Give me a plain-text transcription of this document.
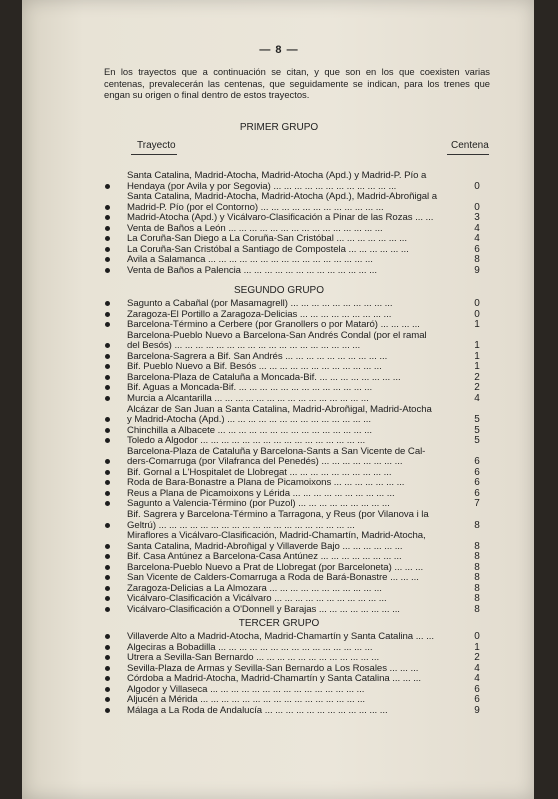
— 8 —
En los trayectos que a continuación se citan, y que son en los que coexisten varias centenas, prevalecerán las centenas, que seguidamente se indican, para los trenes que engan su origen o final dentro de estos trayectos.
PRIMER GRUPO
Trayecto	Centena
SEGUNDO GRUPO
TERCER GRUPO
Santa Catalina, Madrid-Atocha, Madrid-Atocha (Apd.) y Madrid-P. Pío a
Hendaya (por Avila y por Segovia) ... ... ... ... ... ... ... ... ... ... ... ...	0
Santa Catalina, Madrid-Atocha, Madrid-Atocha (Apd.), Madrid-Abroñigal a
Madrid-P. Pío (por el Contorno) ... ... ... ... ... ... ... ... ... ... ... ...	0
Madrid-Atocha (Apd.) y Vicálvaro-Clasificación a Pinar de las Rozas ... ...	3
Venta de Baños a León ... ... ... ... ... ... ... ... ... ... ... ... ... ... ...	4
La Coruña-San Diego a La Coruña-San Cristóbal ... ... ... ... ... ... ...	4
La Coruña-San Cristóbal a Santiago de Compostela ... ... ... ... ... ...	6
Avila a Salamanca ... ... ... ... ... ... ... ... ... ... ... ... ... ... ... ...	8
Venta de Baños a Palencia ... ... ... ... ... ... ... ... ... ... ... ... ...	9
Sagunto a Cabañal (por Masamagrell) ... ... ... ... ... ... ... ... ... ...	0
Zaragoza-El Portillo a Zaragoza-Delicias ... ... ... ... ... ... ... ... ...	0
Barcelona-Término a Cerbere (por Granollers o por Mataró) ... ... ... ...	1
Barcelona-Pueblo Nuevo a Barcelona-San Andrés Condal (por el ramal
del Besós) ... ... ... ... ... ... ... ... ... ... ... ... ... ... ... ... ... ...	1
Barcelona-Sagrera a Bif. San Andrés ... ... ... ... ... ... ... ... ... ...	1
Bif. Pueblo Nuevo a Bif. Besós ... ... ... ... ... ... ... ... ... ... ... ...	1
Barcelona-Plaza de Cataluña a Moncada-Bif. ... ... ... ... ... ... ... ...	2
Bif. Aguas a Moncada-Bif. ... ... ... ... ... ... ... ... ... ... ... ... ...	2
Murcia a Alcantarilla ... ... ... ... ... ... ... ... ... ... ... ... ... ... ...	4
Alcázar de San Juan a Santa Catalina, Madrid-Abroñigal, Madrid-Atocha
y Madrid-Atocha (Apd.) ... ... ... ... ... ... ... ... ... ... ... ... ... ...	5
Chinchilla a Albacete ... ... ... ... ... ... ... ... ... ... ... ... ... ... ...	5
Toledo a Algodor ... ... ... ... ... ... ... ... ... ... ... ... ... ... ... ...	5
Barcelona-Plaza de Cataluña y Barcelona-Sants a San Vicente de Cal-
ders-Comarruga (por Vilafranca del Penedés) ... ... ... ... ... ... ... ...	6
Bif. Gornal a L'Hospitalet de Llobregat ... ... ... ... ... ... ... ... ... ...	6
Roda de Bara-Bonastre a Plana de Picamoixons ... ... ... ... ... ... ...	6
Reus a Plana de Picamoixons y Lérida ... ... ... ... ... ... ... ... ... ...	6
Sagunto a Valencia-Término (por Puzol) ... ... ... ... ... ... ... ... ...	7
Bif. Sagrera y Barcelona-Término a Tarragona, y Reus (por Vilanova i la
Geltrú) ... ... ... ... ... ... ... ... ... ... ... ... ... ... ... ... ... ... ...	8
Miraflores a Vicálvaro-Clasificación, Madrid-Chamartín, Madrid-Atocha,
Santa Catalina, Madrid-Abroñigal y Villaverde Bajo ... ... ... ... ... ...	8
Bif. Casa Antúnez a Barcelona-Casa Antúnez ... ... ... ... ... ... ... ...	8
Barcelona-Pueblo Nuevo a Prat de Llobregat (por Barceloneta) ... ... ...	8
San Vicente de Calders-Comarruga a Roda de Bará-Bonastre ... ... ...	8
Zaragoza-Delicias a La Almozara ... ... ... ... ... ... ... ... ... ... ...	8
Vicálvaro-Clasificación a Vicálvaro ... ... ... ... ... ... ... ... ... ... ...	8
Vicálvaro-Clasificación a O'Donnell y Barajas ... ... ... ... ... ... ... ...	8
Villaverde Alto a Madrid-Atocha, Madrid-Chamartín y Santa Catalina ... ...	0
Algeciras a Bobadilla ... ... ... ... ... ... ... ... ... ... ... ... ... ... ...	1
Utrera a Sevilla-San Bernardo ... ... ... ... ... ... ... ... ... ... ... ...	2
Sevilla-Plaza de Armas y Sevilla-San Bernardo a Los Rosales ... ... ...	4
Córdoba a Madrid-Atocha, Madrid-Chamartín y Santa Catalina ... ... ...	4
Algodor y Villaseca ... ... ... ... ... ... ... ... ... ... ... ... ... ... ...	6
Aljucén a Mérida ... ... ... ... ... ... ... ... ... ... ... ... ... ... ... ...	6
Málaga a La Roda de Andalucía ... ... ... ... ... ... ... ... ... ... ... ...	9
